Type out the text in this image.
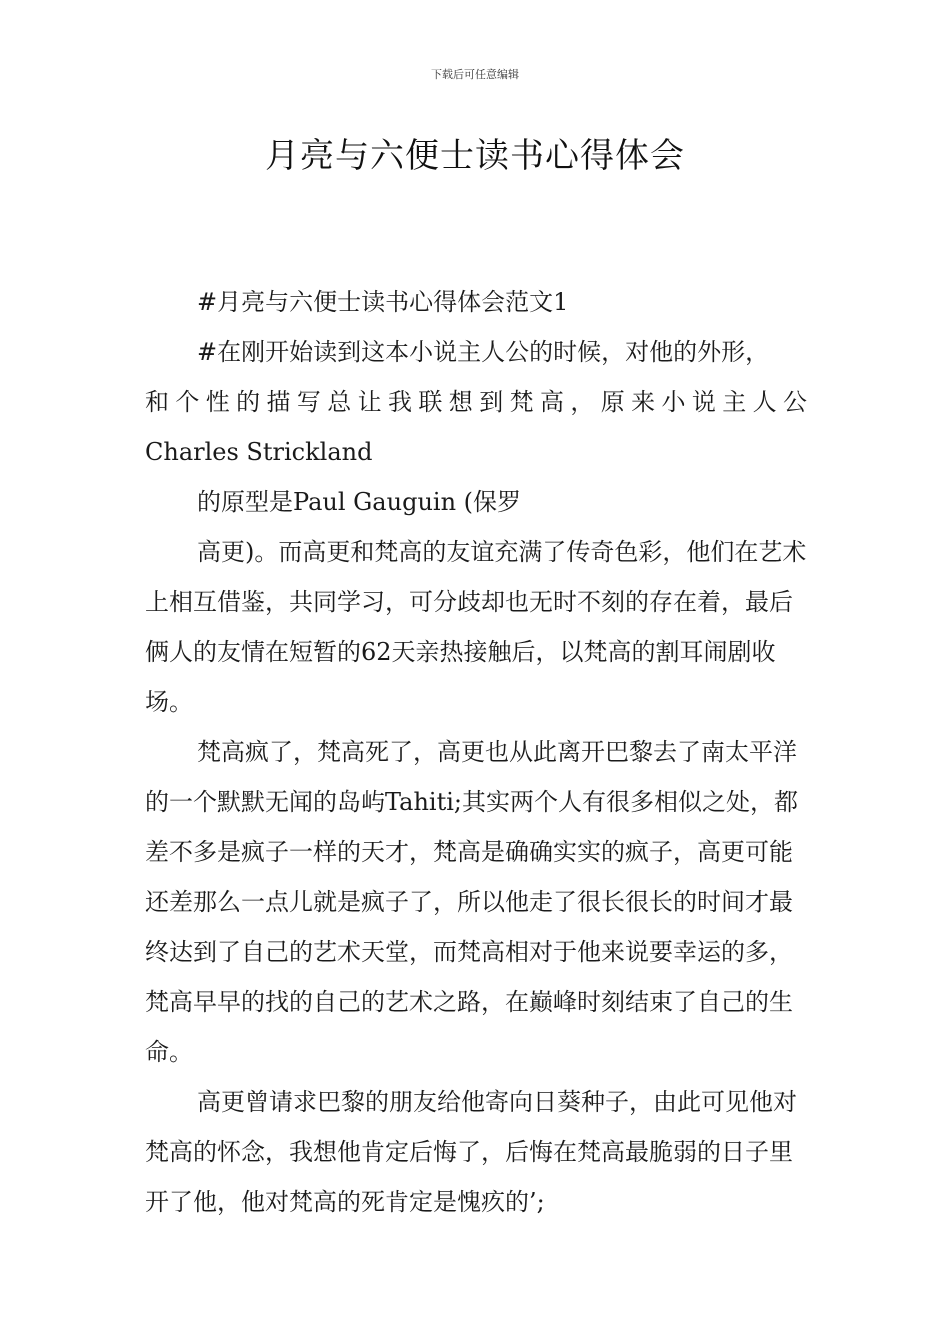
下载后可任意编辑
月亮与六便士读书心得体会

#月亮与六便士读书心得体会范文1

#在刚开始读到这本小说主人公的时候，对他的外形，

和个性的描写总让我联想到梵高，原来小说主人公

Charles Strickland

的原型是Paul Gauguin (保罗

高更)。而高更和梵高的友谊充满了传奇色彩，他们在艺术上相互借鉴，共同学习，可分歧却也无时不刻的存在着，最后俩人的友情在短暂的62天亲热接触后，以梵高的割耳闹剧收场。

梵高疯了，梵高死了，高更也从此离开巴黎去了南太平洋的一个默默无闻的岛屿Tahiti;其实两个人有很多相似之处，都差不多是疯子一样的天才，梵高是确确实实的疯子，高更可能还差那么一点儿就是疯子了，所以他走了很长很长的时间才最终达到了自己的艺术天堂，而梵高相对于他来说要幸运的多，梵高早早的找的自己的艺术之路，在巅峰时刻结束了自己的生命。

高更曾请求巴黎的朋友给他寄向日葵种子，由此可见他对梵高的怀念，我想他肯定后悔了，后悔在梵高最脆弱的日子里开了他，他对梵高的死肯定是愧疚的’;
